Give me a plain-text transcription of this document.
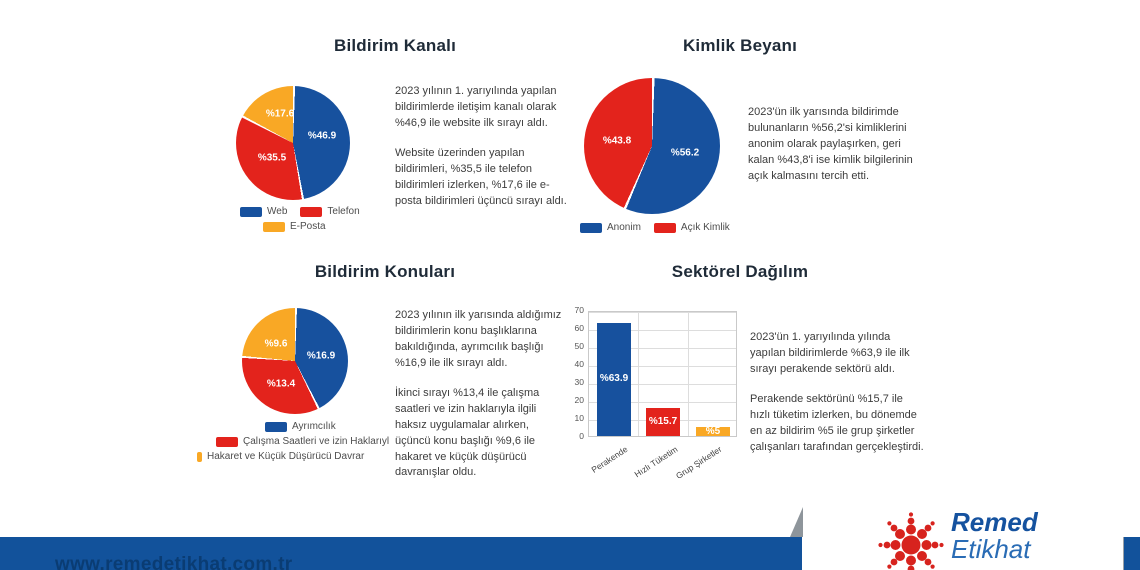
Bildirim Kanalı
%46.9
%35.5
%17.6
Web	Telefon
E-Posta

2023 yılının 1. yarıyılında yapılan bildirimlerde iletişim kanalı olarak %46,9 ile website ilk sırayı aldı.

Website üzerinden yapılan bildirimleri, %35,5 ile telefon bildirimleri izlerken, %17,6 ile e-posta bildirimleri üçüncü sırayı aldı.

Kimlik Beyanı
%56.2
%43.8
Anonim	Açık Kimlik

2023'ün ilk yarısında bildirimde bulunanların %56,2'si kimliklerini anonim olarak paylaşırken, geri kalan %43,8'i ise kimlik bilgilerinin açık kalmasını tercih etti.

Bildirim Konuları
%16.9
%13.4
%9.6
Ayrımcılık
Çalışma Saatleri ve izin Haklarıyl
Hakaret ve Küçük Düşürücü Davrar

2023 yılının ilk yarısında aldığımız bildirimlerin konu başlıklarına bakıldığında, ayrımcılık başlığı %16,9 ile ilk sırayı aldı.

İkinci sırayı %13,4 ile çalışma saatleri ve izin haklarıyla ilgili haksız uygulamalar alırken, üçüncü konu başlığı %9,6 ile hakaret ve küçük düşürücü davranışlar oldu.

Sektörel Dağılım
70
60
50
40
30
20
10
0
%63.9
%15.7
%5
Perakende Hızlı Tüketim
Grup Şirketler

2023'ün 1. yarıyılında yılında yapılan bildirimlerde %63,9 ile ilk sırayı perakende sektörü aldı.

Perakende sektörünü %15,7 ile hızlı tüketim izlerken, bu dönemde en az bildirim %5 ile grup şirketler çalışanları tarafından gerçekleştirdi.

www.remedetikhat.com.tr
Remed
Etikhat
